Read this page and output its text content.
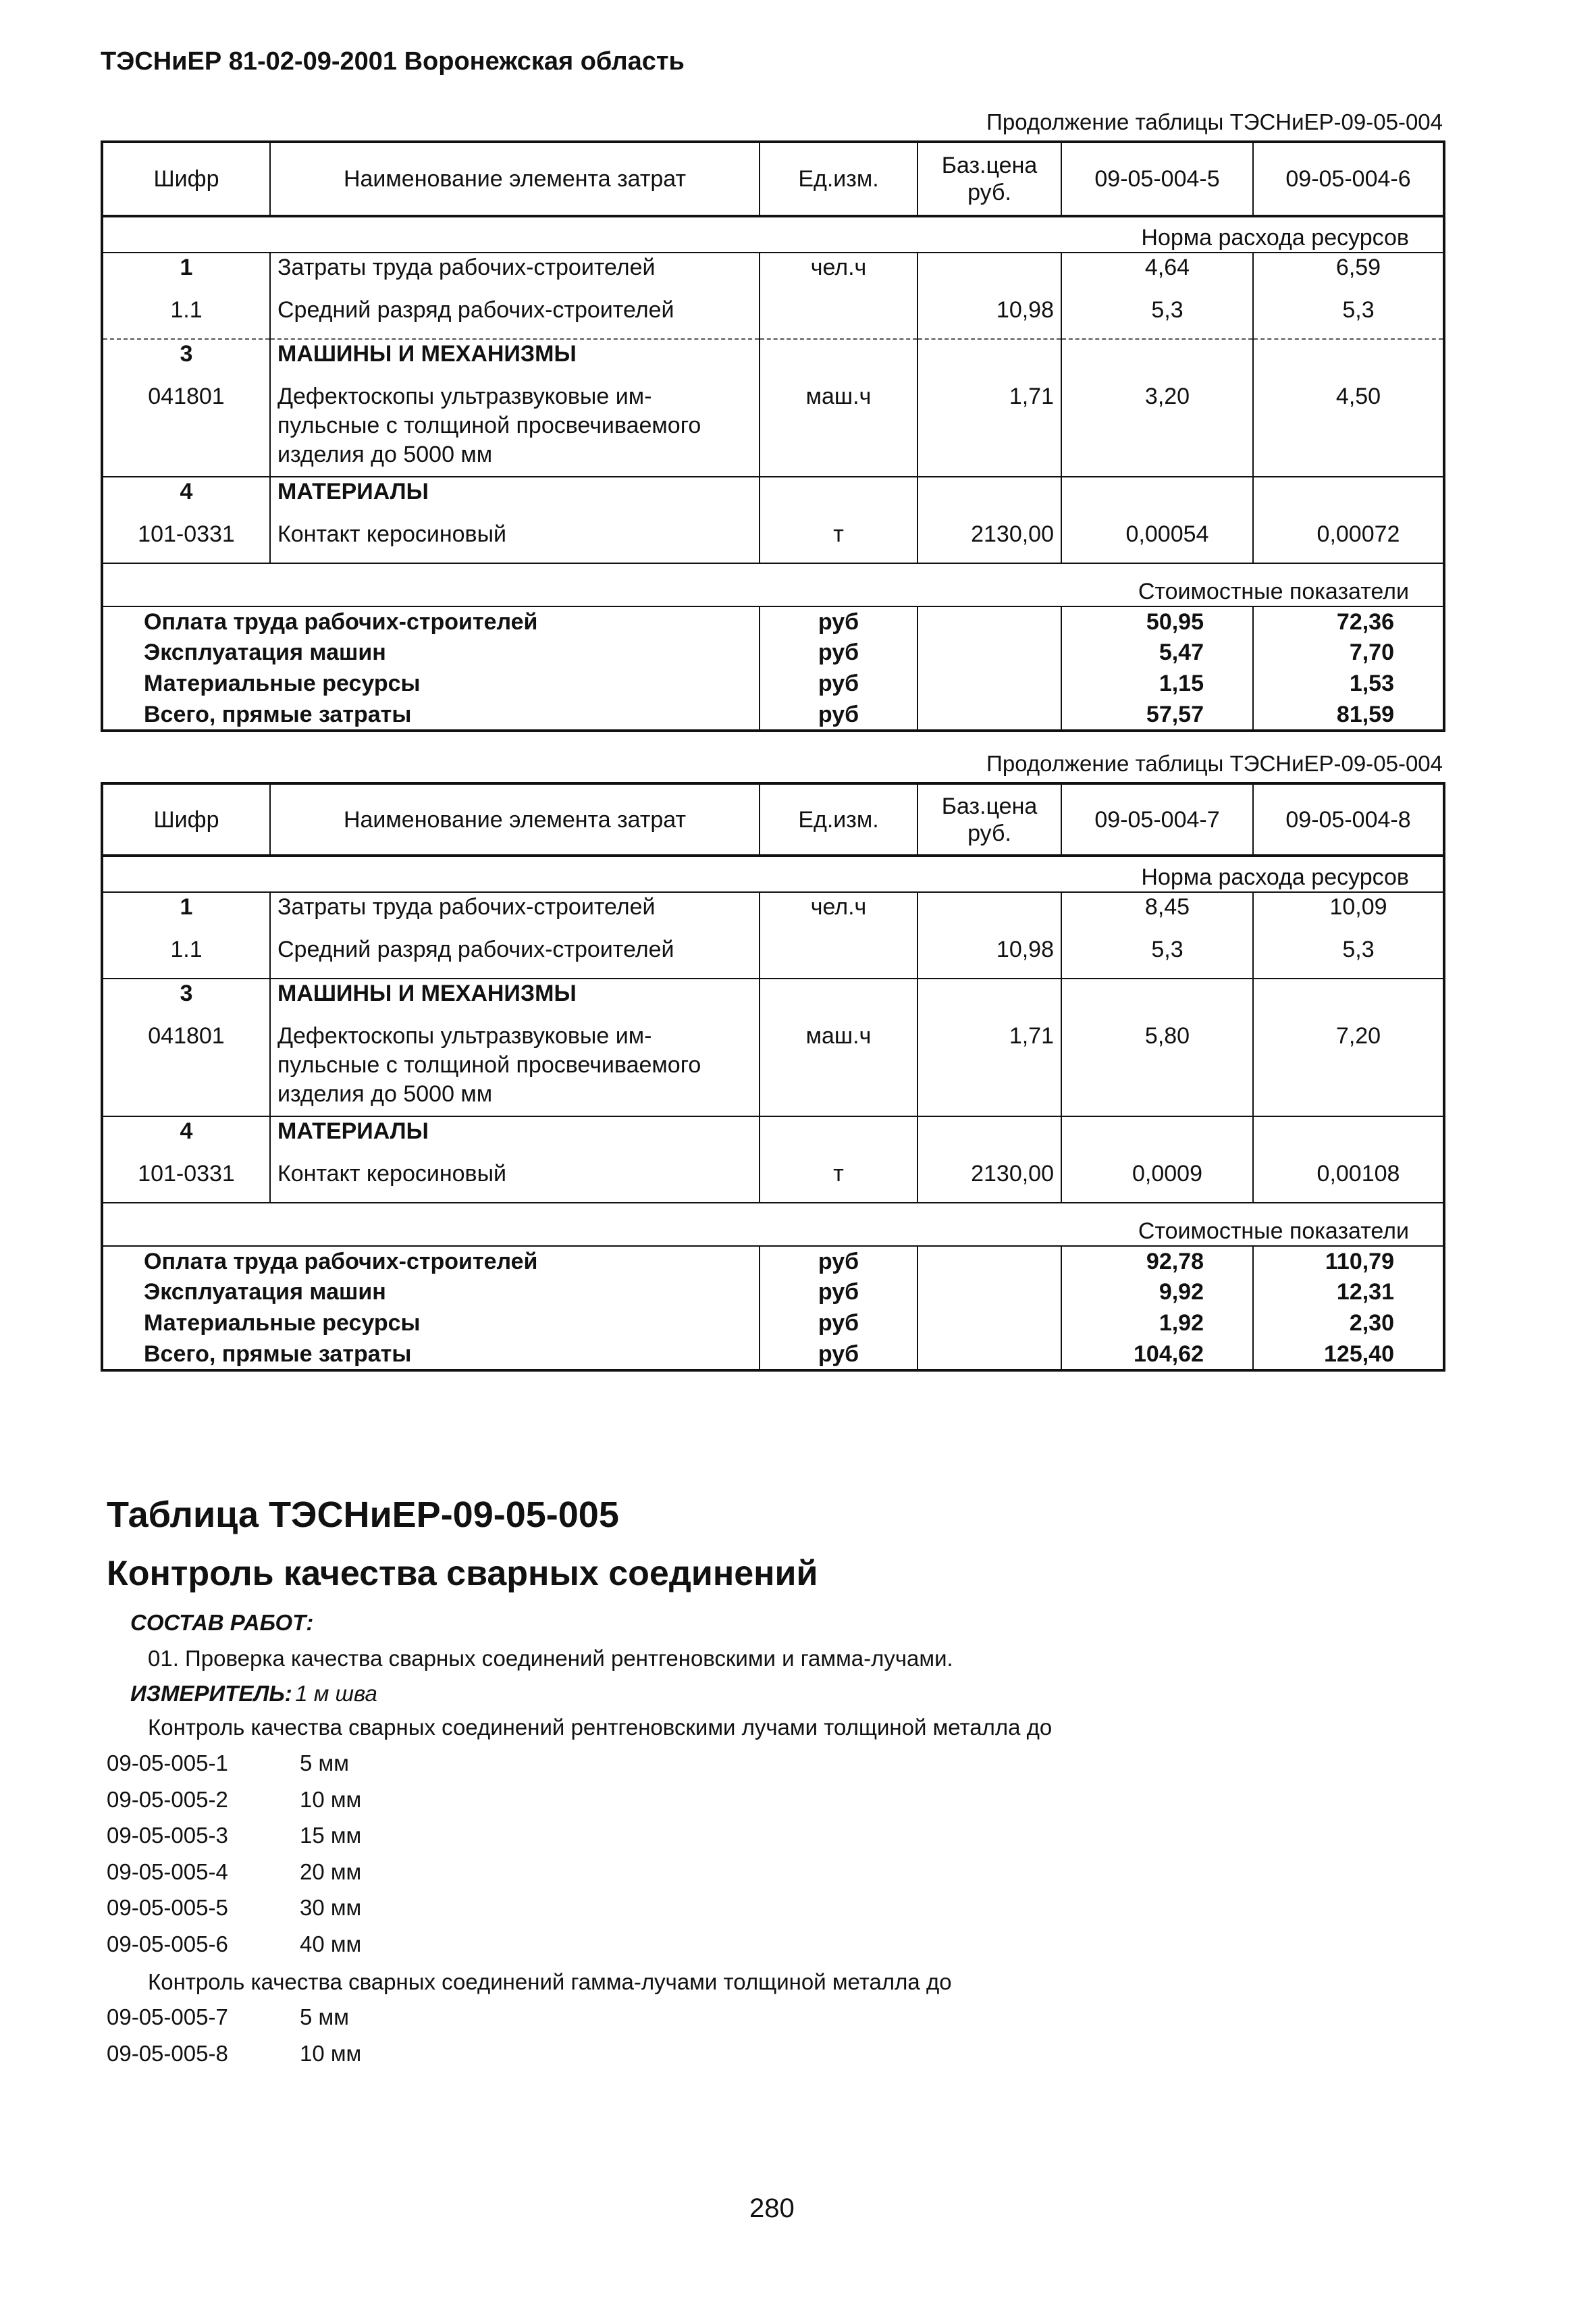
ТЭСНиЕР 81-02-09-2001 Воронежская область
Продолжение таблицы ТЭСНиЕР-09-05-004
Шифр	Наименование элемента затрат	Ед.изм.	Баз.цена руб.	09-05-004-5	09-05-004-6
Норма расхода ресурсов					
1	Затраты труда рабочих-строителей	чел.ч		4,64	6,59
1.1	Средний разряд рабочих-строителей		10,98	5,3	5,3
3	МАШИНЫ И МЕХАНИЗМЫ				
041801	Дефектоскопы ультразвуковые им-пульсные с толщиной просвечиваемого изделия до 5000 мм	маш.ч	1,71	3,20	4,50
4	МАТЕРИАЛЫ				
101-0331	Контакт керосиновый	т	2130,00	0,00054	0,00072
Стоимостные показатели					
Оплата труда рабочих-строителей		руб		50,95	72,36
Эксплуатация машин		руб		5,47	7,70
Материальные ресурсы		руб		1,15	1,53
Всего, прямые затраты		руб		57,57	81,59
Продолжение таблицы ТЭСНиЕР-09-05-004
Шифр	Наименование элемента затрат	Ед.изм.	Баз.цена руб.	09-05-004-7	09-05-004-8
Норма расхода ресурсов					
1	Затраты труда рабочих-строителей	чел.ч		8,45	10,09
1.1	Средний разряд рабочих-строителей		10,98	5,3	5,3
3	МАШИНЫ И МЕХАНИЗМЫ				
041801	Дефектоскопы ультразвуковые им-пульсные с толщиной просвечиваемого изделия до 5000 мм	маш.ч	1,71	5,80	7,20
4	МАТЕРИАЛЫ				
101-0331	Контакт керосиновый	т	2130,00	0,0009	0,00108
Стоимостные показатели					
Оплата труда рабочих-строителей		руб		92,78	110,79
Эксплуатация машин		руб		9,92	12,31
Материальные ресурсы		руб		1,92	2,30
Всего, прямые затраты		руб		104,62	125,40
Таблица ТЭСНиЕР-09-05-005
Контроль качества сварных соединений
СОСТАВ РАБОТ:
01. Проверка качества сварных соединений рентгеновскими и гамма-лучами.
ИЗМЕРИТЕЛЬ: 1 м шва
Контроль качества сварных соединений рентгеновскими лучами толщиной металла до
09-05-005-1	5 мм
09-05-005-2	10 мм
09-05-005-3	15 мм
09-05-005-4	20 мм
09-05-005-5	30 мм
09-05-005-6	40 мм
Контроль качества сварных соединений гамма-лучами толщиной металла до
09-05-005-7	5 мм
09-05-005-8	10 мм
280
